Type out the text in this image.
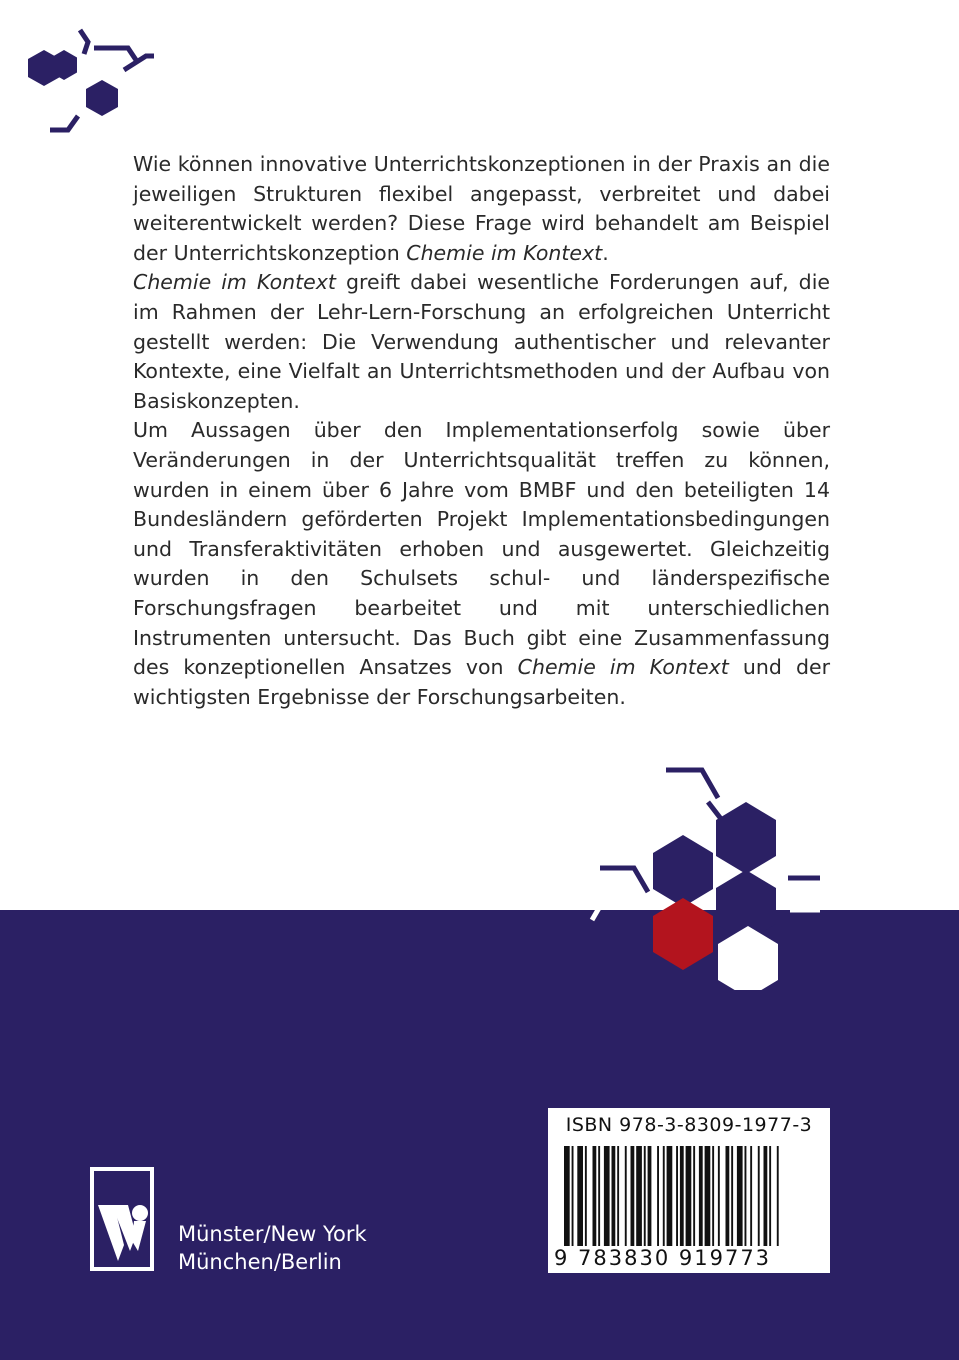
Wie können innovative Unterrichtskonzeptionen in der Praxis an die jeweiligen Strukturen flexibel angepasst, verbreitet und dabei weiterentwickelt werden? Diese Frage wird behandelt am Beispiel der Unterrichtskonzeption Chemie im Kontext.

Chemie im Kontext greift dabei wesentliche Forderungen auf, die im Rahmen der Lehr-Lern-Forschung an erfolgreichen Unterricht gestellt werden: Die Verwendung authentischer und relevanter Kontexte, eine Vielfalt an Unterrichtsmethoden und der Aufbau von Basiskonzepten.

Um Aussagen über den Implementationserfolg sowie über Veränderungen in der Unterrichtsqualität treffen zu können, wurden in einem über 6 Jahre vom BMBF und den beteiligten 14 Bundesländern geförderten Projekt Implementationsbedingungen und Transferaktivitäten erhoben und ausgewertet. Gleichzeitig wurden in den Schulsets schul- und länderspezifische Forschungsfragen bearbeitet und mit unterschiedlichen Instrumenten untersucht. Das Buch gibt eine Zusammenfassung des konzeptionellen Ansatzes von Chemie im Kontext und der wichtigsten Ergebnisse der Forschungsarbeiten.

Münster/New York
München/Berlin
ISBN 978-3-8309-1977-3
9 783830 919773
